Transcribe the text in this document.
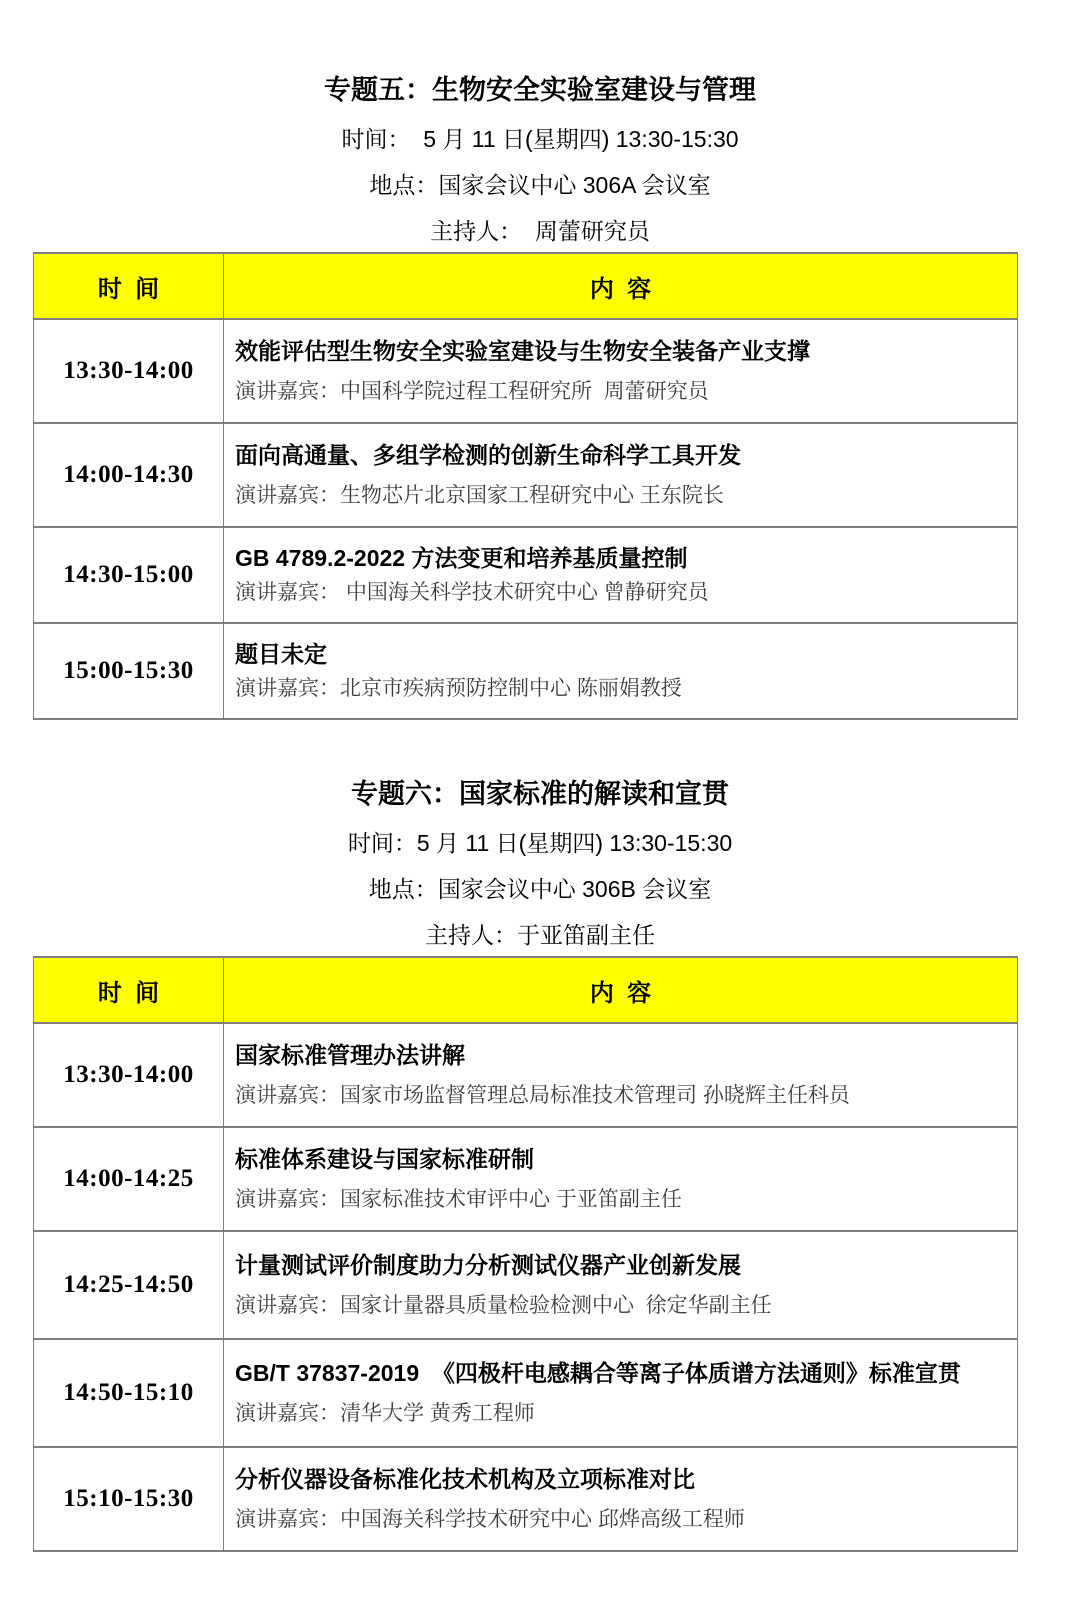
专题五：生物安全实验室建设与管理
时间：  5 月 11 日(星期四) 13:30-15:30
地点：国家会议中心 306A 会议室
主持人：  周蕾研究员
时  间	内  容
13:30-14:00	效能评估型生物安全实验室建设与生物安全装备产业支撑
演讲嘉宾：中国科学院过程工程研究所  周蕾研究员

14:00-14:30	面向高通量、多组学检测的创新生命科学工具开发
演讲嘉宾：生物芯片北京国家工程研究中心 王东院长

14:30-15:00	GB 4789.2-2022 方法变更和培养基质量控制
演讲嘉宾： 中国海关科学技术研究中心 曾静研究员

15:00-15:30	题目未定
演讲嘉宾：北京市疾病预防控制中心 陈丽娟教授
专题六：国家标准的解读和宣贯
时间：5 月 11 日(星期四) 13:30-15:30
地点：国家会议中心 306B 会议室
主持人：于亚笛副主任
时  间	内  容
13:30-14:00	国家标准管理办法讲解
演讲嘉宾：国家市场监督管理总局标准技术管理司 孙晓辉主任科员

14:00-14:25	标准体系建设与国家标准研制
演讲嘉宾：国家标准技术审评中心 于亚笛副主任

14:25-14:50	计量测试评价制度助力分析测试仪器产业创新发展
演讲嘉宾：国家计量器具质量检验检测中心  徐定华副主任

14:50-15:10	GB/T 37837-2019  《四极杆电感耦合等离子体质谱方法通则》标准宣贯
演讲嘉宾：清华大学 黄秀工程师

15:10-15:30	分析仪器设备标准化技术机构及立项标准对比
演讲嘉宾：中国海关科学技术研究中心 邱烨高级工程师
